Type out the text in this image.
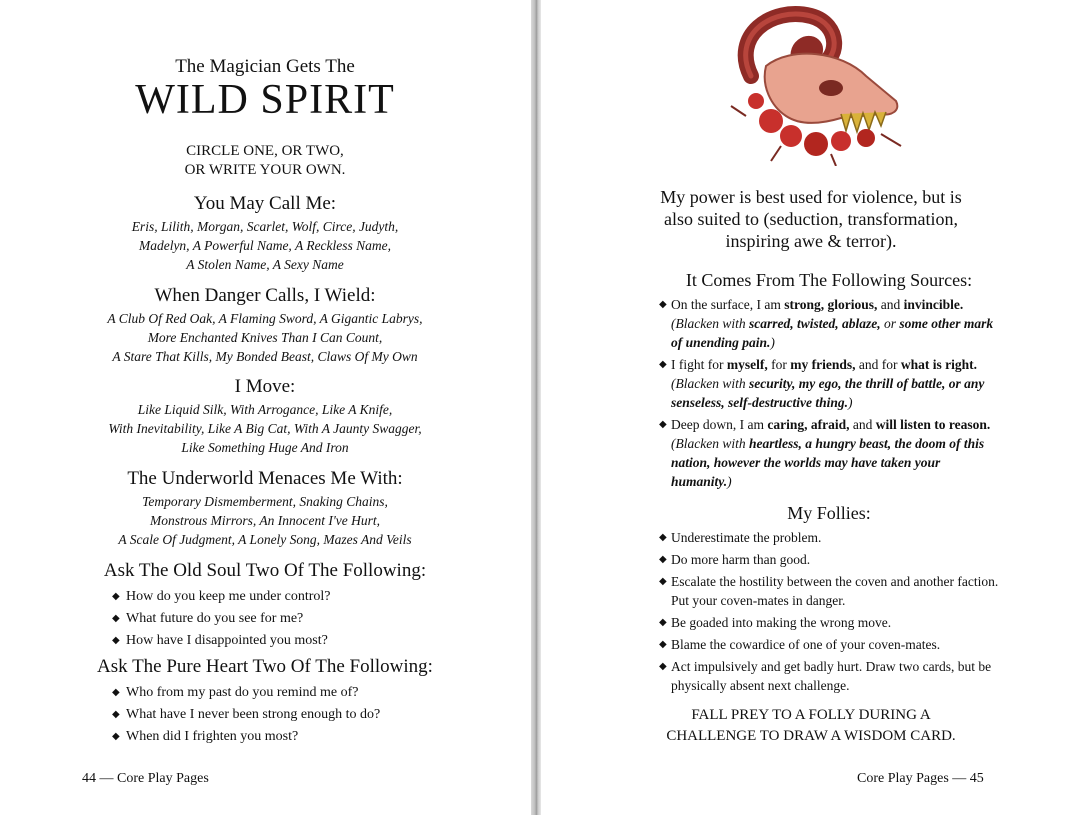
The Magician Gets The
WILD SPIRIT
CIRCLE ONE, OR TWO,
OR WRITE YOUR OWN.
You May Call Me:
Eris, Lilith, Morgan, Scarlet, Wolf, Circe, Judyth,
Madelyn, A Powerful Name, A Reckless Name,
A Stolen Name, A Sexy Name
When Danger Calls, I Wield:
A Club Of Red Oak, A Flaming Sword, A Gigantic Labrys,
More Enchanted Knives Than I Can Count,
A Stare That Kills, My Bonded Beast, Claws Of My Own
I Move:
Like Liquid Silk, With Arrogance, Like A Knife,
With Inevitability, Like A Big Cat, With A Jaunty Swagger,
Like Something Huge And Iron
The Underworld Menaces Me With:
Temporary Dismemberment, Snaking Chains,
Monstrous Mirrors, An Innocent I've Hurt,
A Scale Of Judgment, A Lonely Song, Mazes And Veils
Ask The Old Soul Two Of The Following:
◆ How do you keep me under control?
◆ What future do you see for me?
◆ How have I disappointed you most?
Ask The Pure Heart Two Of The Following:
◆ Who from my past do you remind me of?
◆ What have I never been strong enough to do?
◆ When did I frighten you most?
44 — Core Play Pages
My power is best used for violence, but is
also suited to (seduction, transformation,
inspiring awe & terror).
It Comes From The Following Sources:
◆ On the surface, I am strong, glorious, and invincible. (Blacken with scarred, twisted, ablaze, or some other mark of unending pain.)
◆ I fight for myself, for my friends, and for what is right. (Blacken with security, my ego, the thrill of battle, or any senseless, self-destructive thing.)
◆ Deep down, I am caring, afraid, and will listen to reason. (Blacken with heartless, a hungry beast, the doom of this nation, however the worlds may have taken your humanity.)
My Follies:
◆ Underestimate the problem.
◆ Do more harm than good.
◆ Escalate the hostility between the coven and another faction. Put your coven-mates in danger.
◆ Be goaded into making the wrong move.
◆ Blame the cowardice of one of your coven-mates.
◆ Act impulsively and get badly hurt. Draw two cards, but be physically absent next challenge.
FALL PREY TO A FOLLY DURING A
CHALLENGE TO DRAW A WISDOM CARD.
Core Play Pages — 45
